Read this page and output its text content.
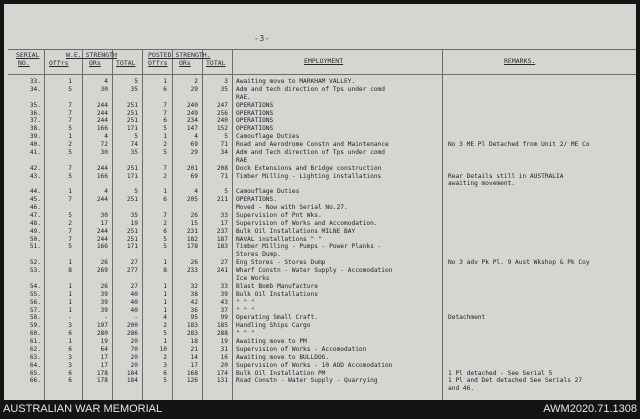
-3-
SERIAL
NO.
W.E. STRENGTH
Offrs	ORs TOTAL
POSTED STRENGTH.
Offrs ORs TOTAL	EMPLOYMENT	REMARKS.
33.	1	4	5	1	2	3 Awaiting move to MARKHAM VALLEY.
34.	5	30	35	6	29	35 Adm and tech direction of Tps under comd
RAE.
35.	7	244	251	7	240	247 OPERATIONS
36.	7	244	251	7	249	256 OPERATIONS
37.	7	244	251	6	234	240 OPERATIONS
38.	5	166	171	5	147	152 OPERATIONS
39.	1	4	5	1	4	5 Camouflage Duties
40.	2	72	74	2	69	71 Road and Aerodrome Constn and Maintenance	No 3 ME Pl Detached from Unit 2/ ME Co
41.	5	30	35	5	29	34 Adm and Tech direction of Tps under comd
RAE
42.	7	244	251	7	201	208 Dock Extensions and Bridge construction
43.	5	166	171	2	69	71 Timber Milling - Lighting installations	Rear Details still in AUSTRALIA
awaiting movement.
44.	1	4	5	1	4	5 Camouflage Duties
45.	7	244	251	6	205	211 OPERATIONS.
46.	Moved - Now with Serial No.27.
47.	5	30	35	7	26	33 Supervision of Pnt Wks.
48.	2	17	19	2	15	17 Supervision of Works and Accomodation.
49.	7	244	251	6	231	237 Bulk Oil Installations MILNE BAY
50.	7	244	251	5	182	187 NAVAL installations " "
51.	5	166	171	5	178	183 Timber Milling - Pumps - Power Planks -
Stores Dump.
52.	1	26	27	1	26	27 Eng Stores - Stores Dump	No 3 adv Pk Pl. 9 Aust Wkshop & Pk Coy
53.	8	269	277	8	233	241 Wharf Constn - Water Supply - Accomodation
Ice Works
54.	1	26	27	1	32	33 Blast Bomb Manufacture
55.	1	39	40	1	38	39 Bulk Oil Installations
56.	1	39	40	1	42	43 " " "
57.	1	39	40	1	36	37 " " "
58.	-	-	-	4	95	99 Operating Small Craft.	Detachment
59.	3	197	200	2	183	185 Handling Ships Cargo
60.	6	280	286	5	283	288 " " "
61.	1	19	20	1	18	19 Awaiting move to PM
62.	6	64	70	10	21	31 Supervision of Works - Accomodation
63.	3	17	20	2	14	16 Awaiting move to BULLDOG.
64.	3	17	20	3	17	20 Supervision of Works - 10 AOD Accomodation
65.	6	178	184	6	168	174 Bulk Oil Installation PM	1 Pl detached - See Serial 5
66.	6	178	184	5	126	131 Road Constn - Water Supply - Quarrying	1 Pl and Det detached See Serials 27
and 46.
AUSTRALIAN WAR MEMORIAL	AWM2020.71.1308
